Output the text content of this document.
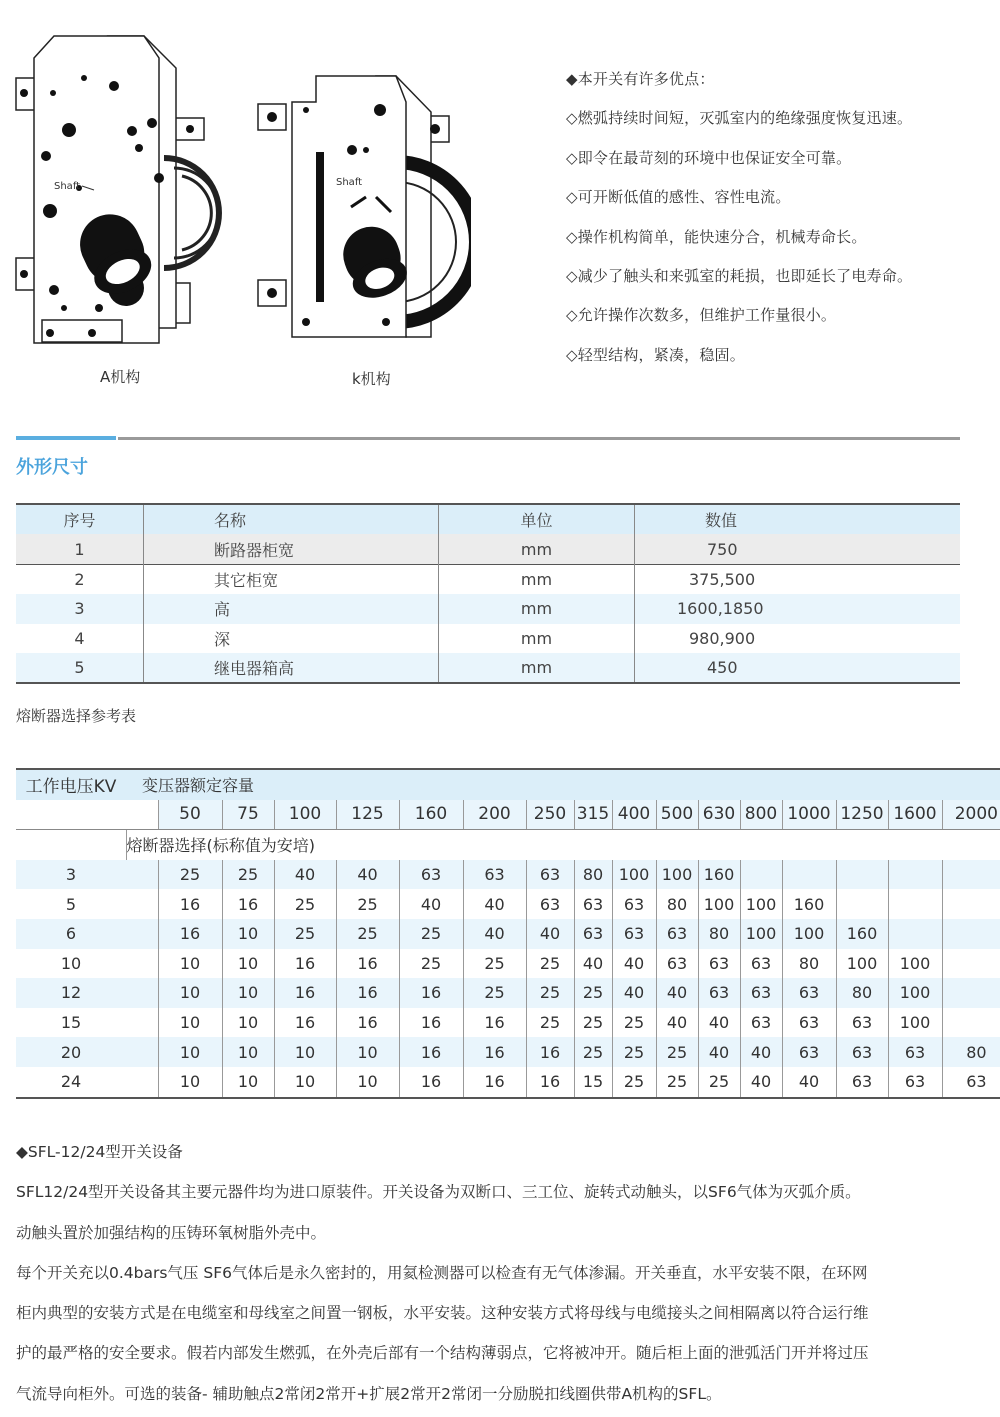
Shaft
A机构
Shaft
k机构
◆本开关有许多优点：
◇燃弧持续时间短，灭弧室内的绝缘强度恢复迅速。
◇即令在最苛刻的环境中也保证安全可靠。
◇可开断低值的感性、容性电流。
◇操作机构简单，能快速分合，机械寿命长。
◇减少了触头和来弧室的耗损，也即延长了电寿命。
◇允许操作次数多，但维护工作量很小。
◇轻型结构，紧凑，稳固。
外形尺寸
序号	名称	单位	数值
1	断路器柜宽	mm	750
2	其它柜宽	mm	375,500
3	高	mm	1600,1850
4	深	mm	980,900
5	继电器箱高	mm	450
熔断器选择参考表
工作电压KV	变压器额定容量																
		50	75	100	125	160	200	250	315	400	500	630	800	1000	1250	1600	2000
	熔断器选择(标称值为安培)																
3		25	25	40	40	63	63	63	80	100	100	160					
5		16	16	25	25	40	40	63	63	63	80	100	100	160			
6		16	10	25	25	25	40	40	63	63	63	80	100	100	160		
10		10	10	16	16	25	25	25	40	40	63	63	63	80	100	100	
12		10	10	16	16	16	25	25	25	40	40	63	63	63	80	100	
15		10	10	16	16	16	16	25	25	25	40	40	63	63	63	100	
20		10	10	10	10	16	16	16	25	25	25	40	40	63	63	63	80
24		10	10	10	10	16	16	16	15	25	25	25	40	40	63	63	63

◆SFL-12/24型开关设备

SFL12/24型开关设备其主要元器件均为进口原装件。开关设备为双断口、三工位、旋转式动触头，以SF6气体为灭弧介质。

动触头置於加强结构的压铸环氧树脂外壳中。

每个开关充以0.4bars气压 SF6气体后是永久密封的，用氦检测器可以检查有无气体渗漏。开关垂直，水平安装不限，在环网

柜内典型的安装方式是在电缆室和母线室之间置一钢板，水平安装。这种安装方式将母线与电缆接头之间相隔离以符合运行维

护的最严格的安全要求。假若内部发生燃弧，在外壳后部有一个结构薄弱点，它将被冲开。随后柜上面的泄弧活门开并将过压

气流导向柜外。可选的装备- 辅助触点2常闭2常开+扩展2常开2常闭一分励脱扣线圈供带A机构的SFL。
